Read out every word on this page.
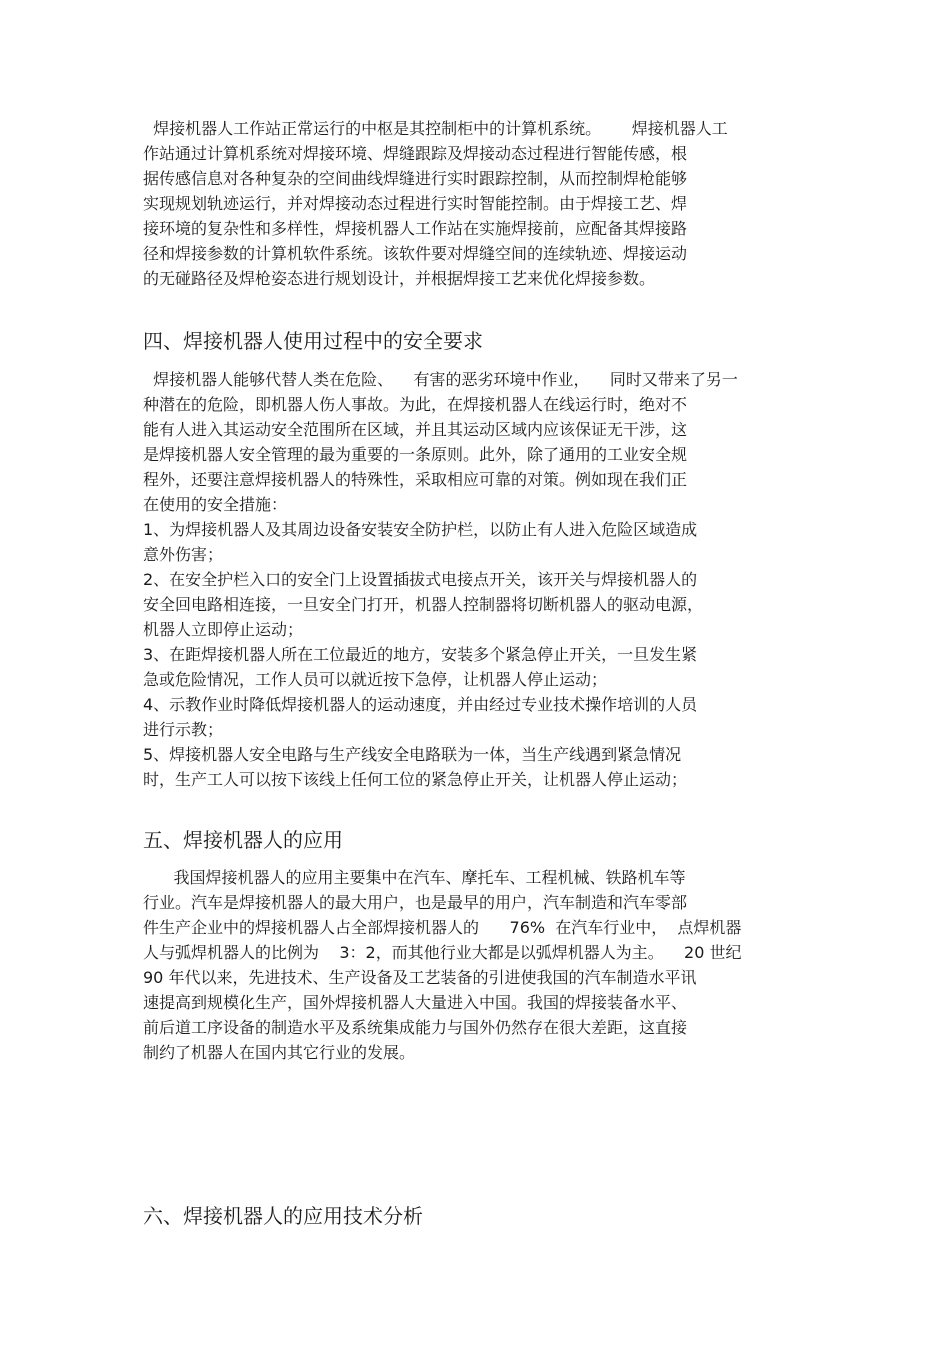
焊接机器人工作站正常运行的中枢是其控制柜中的计算机系统。      焊接机器人工
作站通过计算机系统对焊接环境、焊缝跟踪及焊接动态过程进行智能传感，根
据传感信息对各种复杂的空间曲线焊缝进行实时跟踪控制，从而控制焊枪能够
实现规划轨迹运行，并对焊接动态过程进行实时智能控制。由于焊接工艺、焊
接环境的复杂性和多样性，焊接机器人工作站在实施焊接前，应配备其焊接路
径和焊接参数的计算机软件系统。该软件要对焊缝空间的连续轨迹、焊接运动
的无碰路径及焊枪姿态进行规划设计，并根据焊接工艺来优化焊接参数。
四、焊接机器人使用过程中的安全要求
焊接机器人能够代替人类在危险、    有害的恶劣环境中作业，    同时又带来了另一
种潜在的危险，即机器人伤人事故。为此，在焊接机器人在线运行时，绝对不
能有人进入其运动安全范围所在区域，并且其运动区域内应该保证无干涉，这
是焊接机器人安全管理的最为重要的一条原则。此外，除了通用的工业安全规
程外，还要注意焊接机器人的特殊性，采取相应可靠的对策。例如现在我们正
在使用的安全措施：
1、为焊接机器人及其周边设备安装安全防护栏，以防止有人进入危险区域造成
意外伤害；
2、在安全护栏入口的安全门上设置插拔式电接点开关，该开关与焊接机器人的
安全回电路相连接，一旦安全门打开，机器人控制器将切断机器人的驱动电源，
机器人立即停止运动；
3、在距焊接机器人所在工位最近的地方，安装多个紧急停止开关，一旦发生紧
急或危险情况，工作人员可以就近按下急停，让机器人停止运动；
4、示教作业时降低焊接机器人的运动速度，并由经过专业技术操作培训的人员
进行示教；
5、焊接机器人安全电路与生产线安全电路联为一体，当生产线遇到紧急情况
时，生产工人可以按下该线上任何工位的紧急停止开关，让机器人停止运动；
五、焊接机器人的应用
我国焊接机器人的应用主要集中在汽车、摩托车、工程机械、铁路机车等
行业。汽车是焊接机器人的最大用户，也是最早的用户，汽车制造和汽车零部
件生产企业中的焊接机器人占全部焊接机器人的      76%  在汽车行业中，  点焊机器
人与弧焊机器人的比例为    3：2，而其他行业大都是以弧焊机器人为主。    20 世纪
90 年代以来，先进技术、生产设备及工艺装备的引进使我国的汽车制造水平讯
速提高到规模化生产，国外焊接机器人大量进入中国。我国的焊接装备水平、
前后道工序设备的制造水平及系统集成能力与国外仍然存在很大差距，这直接
制约了机器人在国内其它行业的发展。
六、焊接机器人的应用技术分析
